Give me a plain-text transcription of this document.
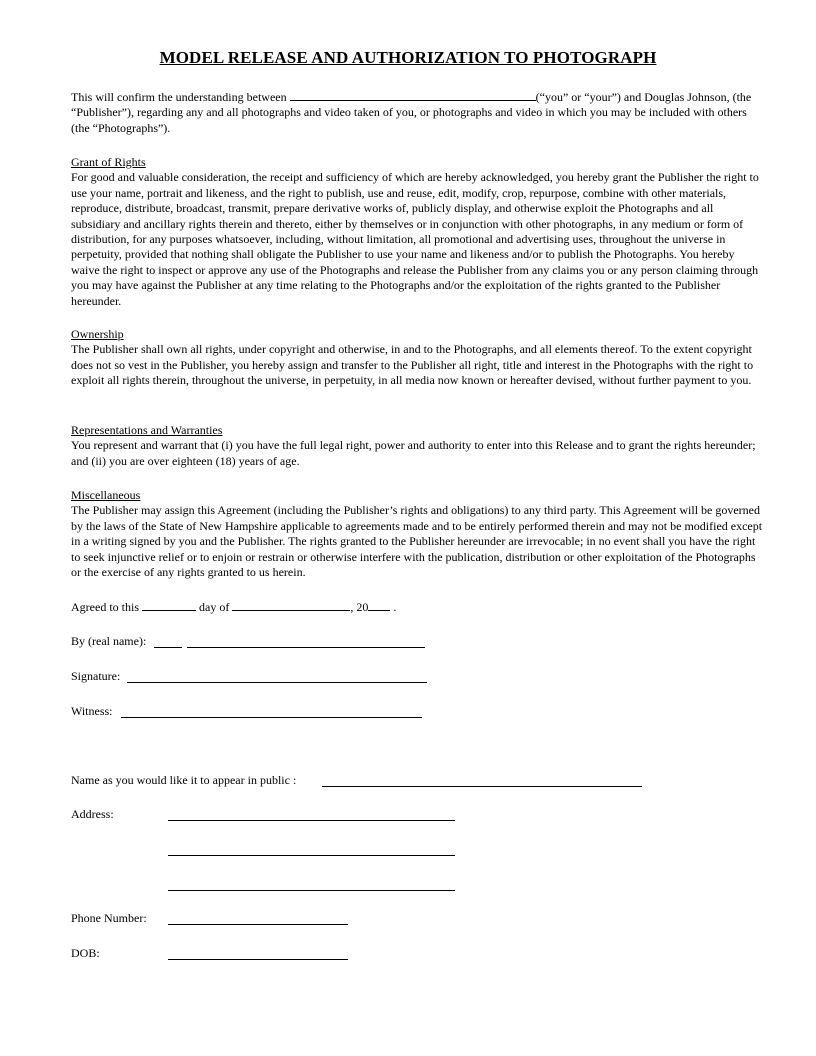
MODEL RELEASE AND AUTHORIZATION TO PHOTOGRAPH
This will confirm the understanding between	(“you” or “your”) and Douglas Johnson, (the “Publisher”), regarding any and all photographs and video taken of you, or photographs and video in which you may be included with others (the “Photographs”).
Grant of Rights
For good and valuable consideration, the receipt and sufficiency of which are hereby acknowledged, you hereby grant the Publisher the right to use your name, portrait and likeness, and the right to publish, use and reuse, edit, modify, crop, repurpose, combine with other materials, reproduce, distribute, broadcast, transmit, prepare derivative works of, publicly display, and otherwise exploit the Photographs and all subsidiary and ancillary rights therein and thereto, either by themselves or in conjunction with other photographs, in any medium or form of distribution, for any purposes whatsoever, including, without limitation, all promotional and advertising uses, throughout the universe in perpetuity, provided that nothing shall obligate the Publisher to use your name and likeness and/or to publish the Photographs. You hereby waive the right to inspect or approve any use of the Photographs and release the Publisher from any claims you or any person claiming through you may have against the Publisher at any time relating to the Photographs and/or the exploitation of the rights granted to the Publisher hereunder.
Ownership
The Publisher shall own all rights, under copyright and otherwise, in and to the Photographs, and all elements thereof. To the extent copyright does not so vest in the Publisher, you hereby assign and transfer to the Publisher all right, title and interest in the Photographs with the right to exploit all rights therein, throughout the universe, in perpetuity, in all media now known or hereafter devised, without further payment to you.
Representations and Warranties
You represent and warrant that (i) you have the full legal right, power and authority to enter into this Release and to grant the rights hereunder; and (ii) you are over eighteen (18) years of age.
Miscellaneous
The Publisher may assign this Agreement (including the Publisher’s rights and obligations) to any third party. This Agreement will be governed by the laws of the State of New Hampshire applicable to agreements made and to be entirely performed therein and may not be modified except in a writing signed by you and the Publisher. The rights granted to the Publisher hereunder are irrevocable; in no event shall you have the right to seek injunctive relief or to enjoin or restrain or otherwise interfere with the publication, distribution or other exploitation of the Photographs or the exercise of any rights granted to us herein.
Agreed to this	day of	, 20 .
By (real name):
Signature:
Witness:
Name as you would like it to appear in public :
Address:
Phone Number:
DOB:
